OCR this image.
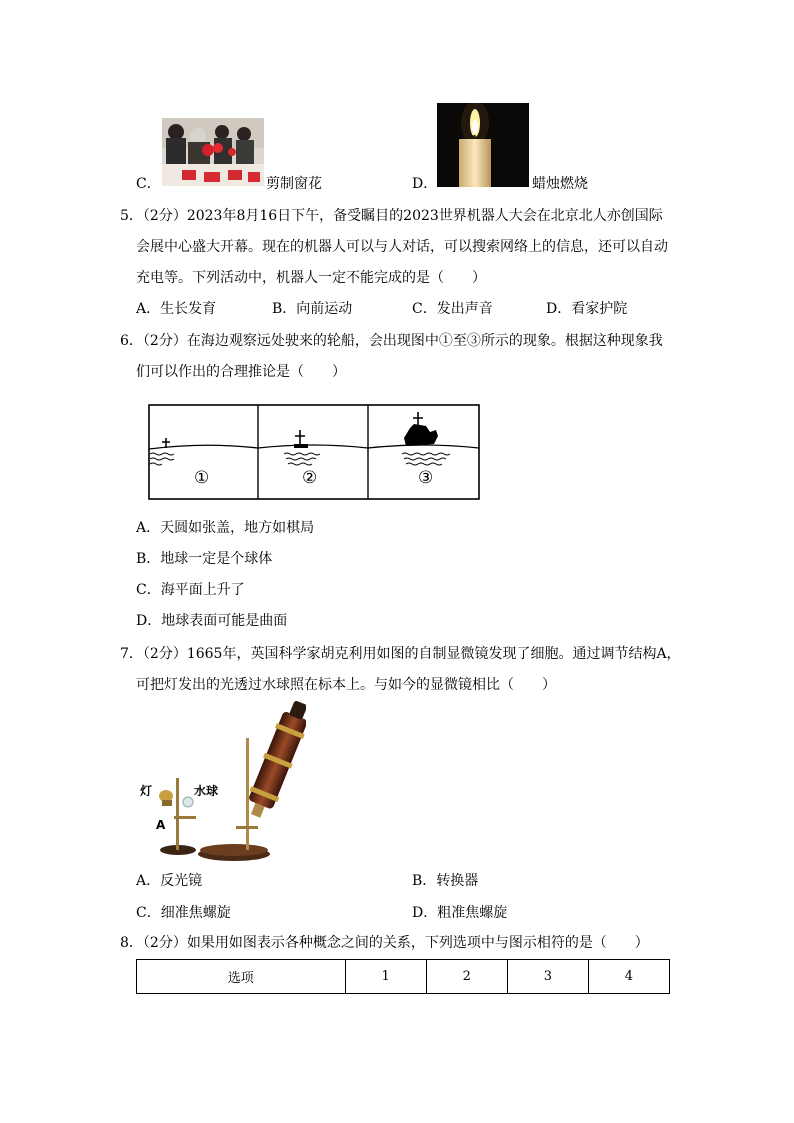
C．	剪制窗花	D．	蜡烛燃烧
5．（2分）2023年8月16日下午，备受瞩目的2023世界机器人大会在北京北人亦创国际
会展中心盛大开幕。现在的机器人可以与人对话，可以搜索网络上的信息，还可以自动
充电等。下列活动中，机器人一定不能完成的是（　　）
A．生长发育	B．向前运动	C．发出声音	D．看家护院
6．（2分）在海边观察远处驶来的轮船，会出现图中①至③所示的现象。根据这种现象我
们可以作出的合理推论是（　　）
①	②	③
A．天圆如张盖，地方如棋局
B．地球一定是个球体
C．海平面上升了
D．地球表面可能是曲面
7．（2分）1665年，英国科学家胡克利用如图的自制显微镜发现了细胞。通过调节结构A，
可把灯发出的光透过水球照在标本上。与如今的显微镜相比（　　）
灯	水球
A
A．反光镜	B．转换器
C．细准焦螺旋	D．粗准焦螺旋
8．（2分）如果用如图表示各种概念之间的关系，下列选项中与图示相符的是（　　）
选项	1	2	3	4
